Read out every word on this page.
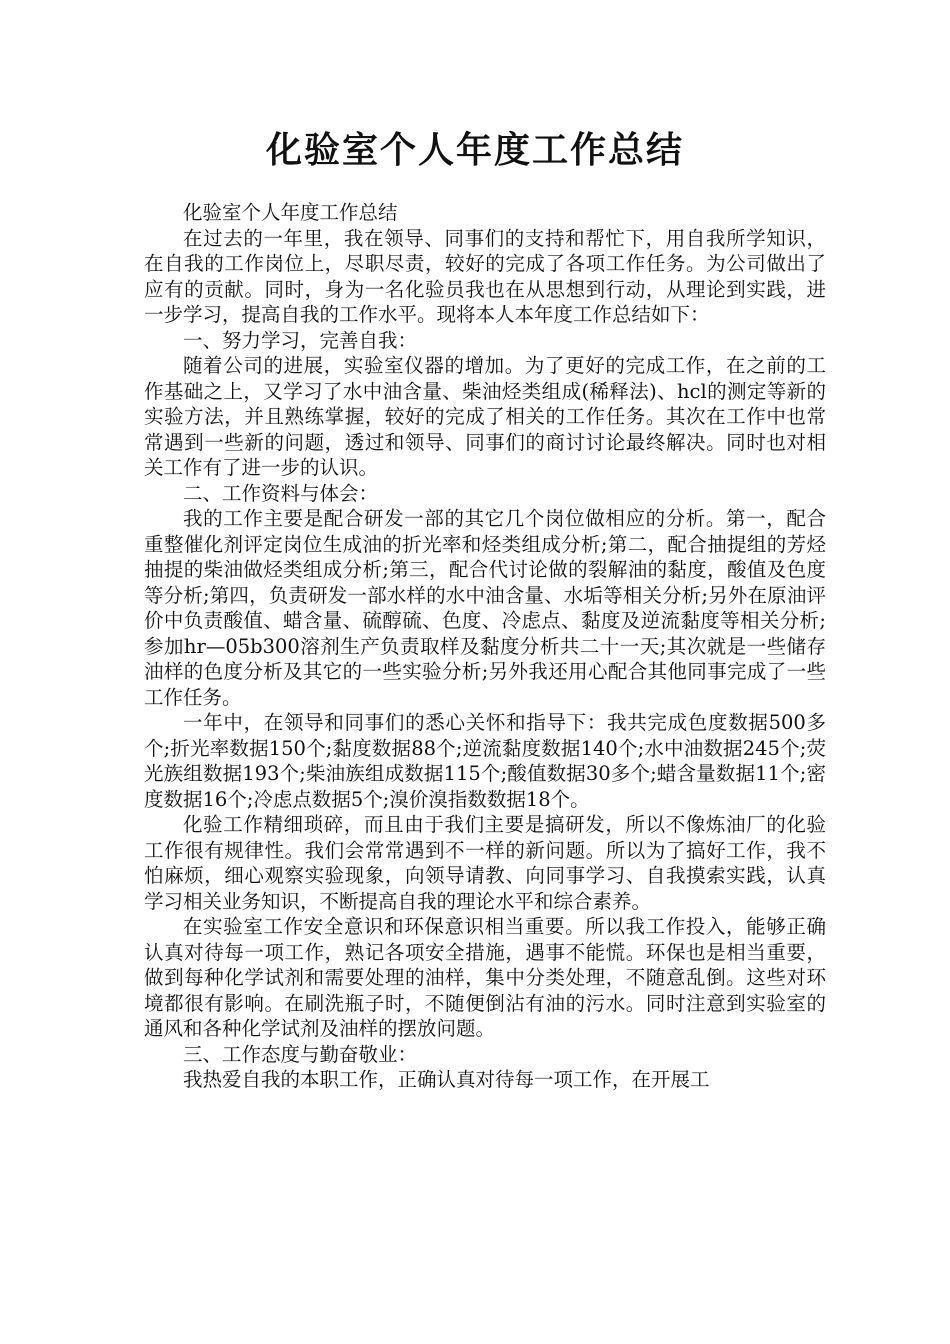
化验室个人年度工作总结

化验室个人年度工作总结

在过去的一年里，我在领导、同事们的支持和帮忙下，用自我所学知识，在自我的工作岗位上，尽职尽责，较好的完成了各项工作任务。为公司做出了应有的贡献。同时，身为一名化验员我也在从思想到行动，从理论到实践，进一步学习，提高自我的工作水平。现将本人本年度工作总结如下：

一、努力学习，完善自我：

随着公司的进展，实验室仪器的增加。为了更好的完成工作，在之前的工作基础之上，又学习了水中油含量、柴油烃类组成(稀释法)、hcl的测定等新的实验方法，并且熟练掌握，较好的完成了相关的工作任务。其次在工作中也常常遇到一些新的问题，透过和领导、同事们的商讨讨论最终解决。同时也对相关工作有了进一步的认识。

二、工作资料与体会：

我的工作主要是配合研发一部的其它几个岗位做相应的分析。第一，配合重整催化剂评定岗位生成油的折光率和烃类组成分析;第二，配合抽提组的芳烃抽提的柴油做烃类组成分析;第三，配合代讨论做的裂解油的黏度，酸值及色度等分析;第四，负责研发一部水样的水中油含量、水垢等相关分析;另外在原油评价中负责酸值、蜡含量、硫醇硫、色度、冷虑点、黏度及逆流黏度等相关分析;参加hr—05b300溶剂生产负责取样及黏度分析共二十一天;其次就是一些储存油样的色度分析及其它的一些实验分析;另外我还用心配合其他同事完成了一些工作任务。

一年中，在领导和同事们的悉心关怀和指导下：我共完成色度数据500多个;折光率数据150个;黏度数据88个;逆流黏度数据140个;水中油数据245个;荧光族组数据193个;柴油族组成数据115个;酸值数据30多个;蜡含量数据11个;密度数据16个;冷虑点数据5个;溴价溴指数数据18个。

化验工作精细琐碎，而且由于我们主要是搞研发，所以不像炼油厂的化验工作很有规律性。我们会常常遇到不一样的新问题。所以为了搞好工作，我不怕麻烦，细心观察实验现象，向领导请教、向同事学习、自我摸索实践，认真学习相关业务知识，不断提高自我的理论水平和综合素养。

在实验室工作安全意识和环保意识相当重要。所以我工作投入，能够正确认真对待每一项工作，熟记各项安全措施，遇事不能慌。环保也是相当重要，做到每种化学试剂和需要处理的油样，集中分类处理，不随意乱倒。这些对环境都很有影响。在刷洗瓶子时，不随便倒沾有油的污水。同时注意到实验室的通风和各种化学试剂及油样的摆放问题。

三、工作态度与勤奋敬业：

我热爱自我的本职工作，正确认真对待每一项工作，在开展工
